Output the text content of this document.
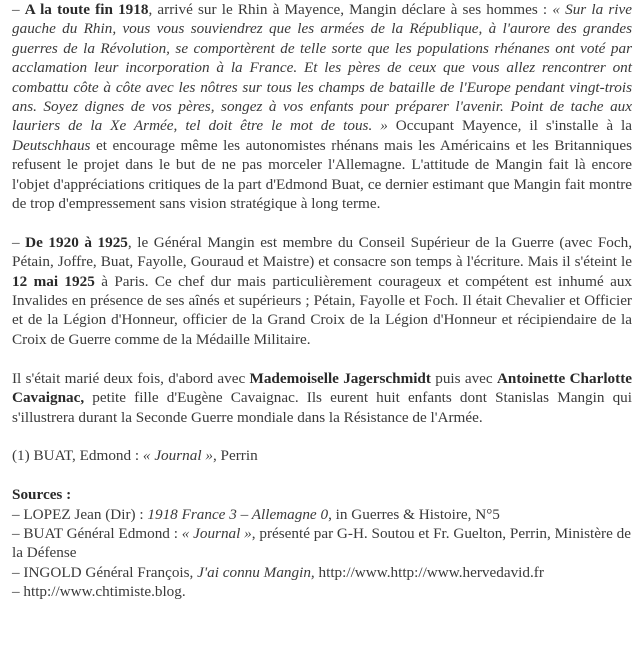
– A la toute fin 1918, arrivé sur le Rhin à Mayence, Mangin déclare à ses hommes : « Sur la rive gauche du Rhin, vous vous souviendrez que les armées de la République, à l'aurore des grandes guerres de la Révolution, se comportèrent de telle sorte que les populations rhénanes ont voté par acclamation leur incorporation à la France. Et les pères de ceux que vous allez rencontrer ont combattu côte à côte avec les nôtres sur tous les champs de bataille de l'Europe pendant vingt-trois ans. Soyez dignes de vos pères, songez à vos enfants pour préparer l'avenir. Point de tache aux lauriers de la Xe Armée, tel doit être le mot de tous. » Occupant Mayence, il s'installe à la Deutschhaus et encourage même les autonomistes rhénans mais les Américains et les Britanniques refusent le projet dans le but de ne pas morceler l'Allemagne. L'attitude de Mangin fait là encore l'objet d'appréciations critiques de la part d'Edmond Buat, ce dernier estimant que Mangin fait montre de trop d'empressement sans vision stratégique à long terme.

– De 1920 à 1925, le Général Mangin est membre du Conseil Supérieur de la Guerre (avec Foch, Pétain, Joffre, Buat, Fayolle, Gouraud et Maistre) et consacre son temps à l'écriture. Mais il s'éteint le 12 mai 1925 à Paris. Ce chef dur mais particulièrement courageux et compétent est inhumé aux Invalides en présence de ses aînés et supérieurs ; Pétain, Fayolle et Foch. Il était Chevalier et Officier et de la Légion d'Honneur, officier de la Grand Croix de la Légion d'Honneur et récipiendaire de la Croix de Guerre comme de la Médaille Militaire.

Il s'était marié deux fois, d'abord avec Mademoiselle Jagerschmidt puis avec Antoinette Charlotte Cavaignac, petite fille d'Eugène Cavaignac. Ils eurent huit enfants dont Stanislas Mangin qui s'illustrera durant la Seconde Guerre mondiale dans la Résistance de l'Armée.

(1) BUAT, Edmond : « Journal », Perrin

Sources :
– LOPEZ Jean (Dir) : 1918 France 3 – Allemagne 0, in Guerres & Histoire, N°5
– BUAT Général Edmond : « Journal », présenté par G-H. Soutou et Fr. Guelton, Perrin, Ministère de la Défense
– INGOLD Général François, J'ai connu Mangin, http://www.http://www.hervedavid.fr
– http://www.chtimiste.blog.
